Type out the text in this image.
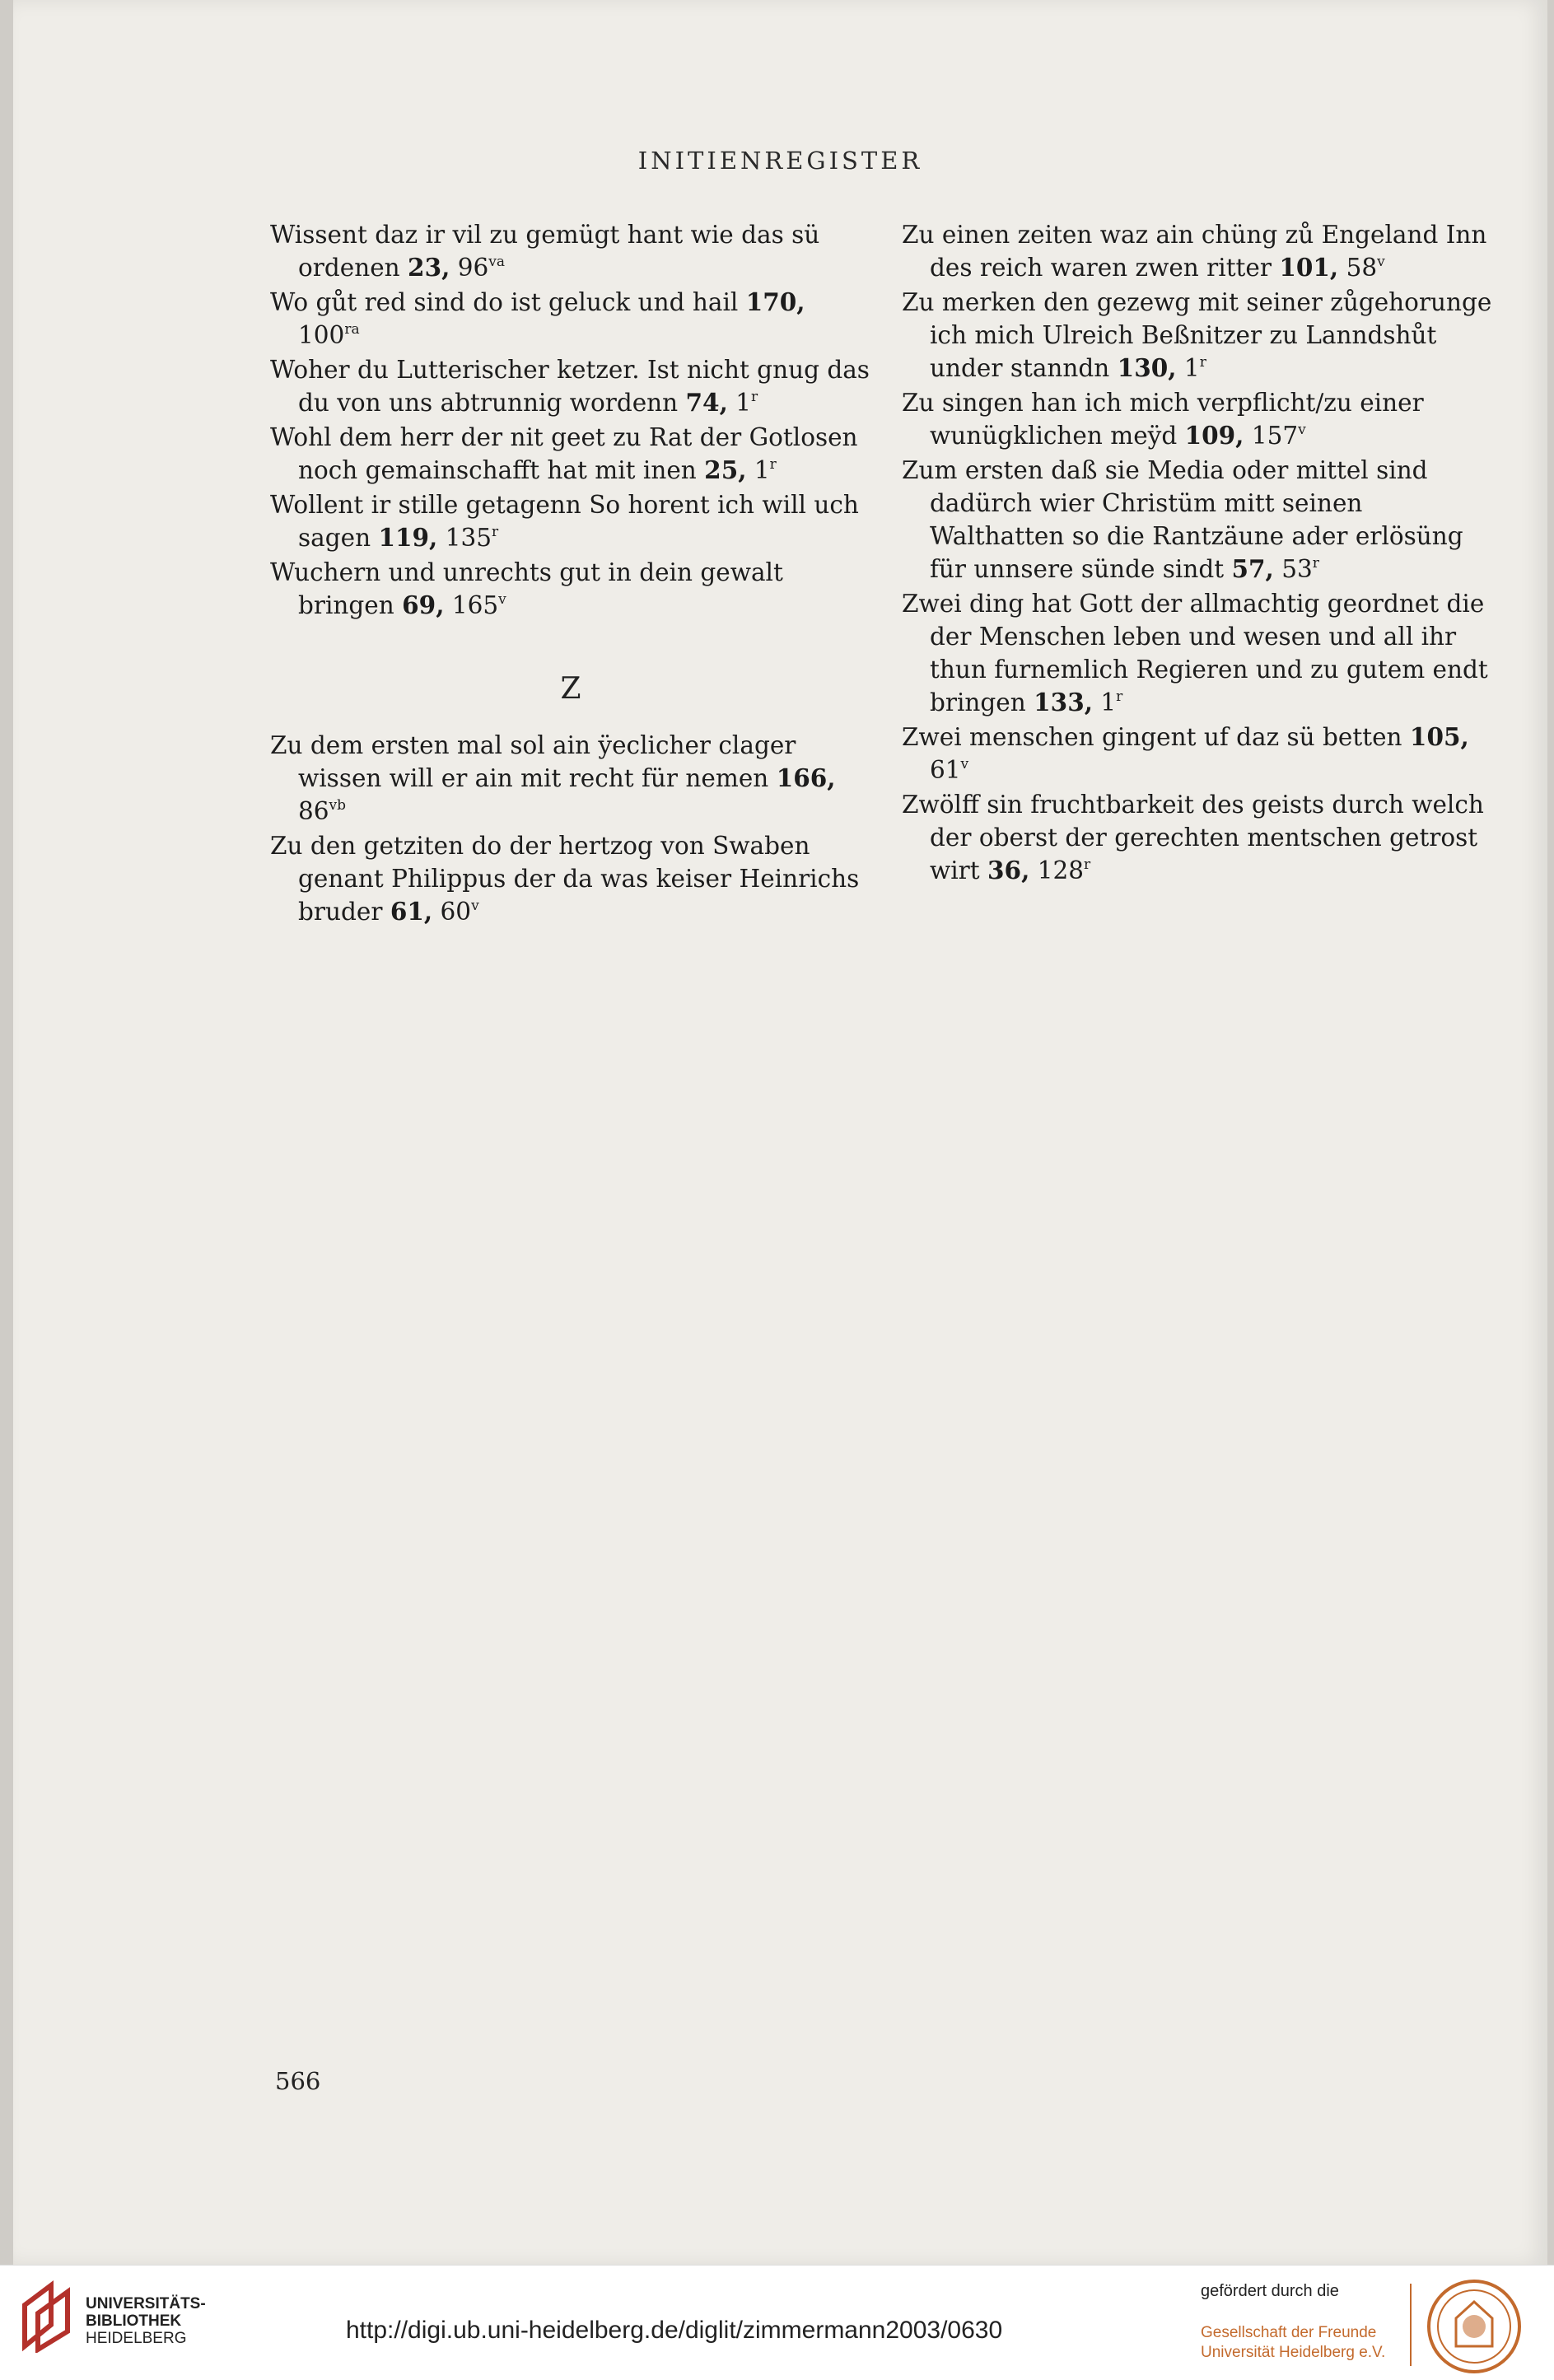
INITIENREGISTER
Wissent daz ir vil zu gemügt hant wie das sü ordenen 23, $96^{va}$
Wo gůt red sind do ist geluck und hail 170, $100^{ra}$
Woher du Lutterischer ketzer. Ist nicht gnug das du von uns abtrunnig wordenn 74, 1$^r$
Wohl dem herr der nit geet zu Rat der Gotlosen noch gemainschafft hat mit inen 25, 1$^r$
Wollent ir stille getagenn So horent ich will uch sagen 119, 135$^r$
Wuchern und unrechts gut in dein gewalt bringen 69, 165$^v$
Z
Zu dem ersten mal sol ain ÿeclicher clager wissen will er ain mit recht für nemen 166, $86^{vb}$
Zu den getziten do der hertzog von Swaben genant Philippus der da was keiser Heinrichs bruder 61, 60$^v$
Zu einen zeiten waz ain chüng zů Engeland Inn des reich waren zwen ritter 101, 58$^v$
Zu merken den gezewg mit seiner zůgehorunge ich mich Ulreich Beßnitzer zu Lanndshůt under stanndn 130, 1$^r$
Zu singen han ich mich verpflicht/zu einer wunügklichen meÿd 109, 157$^v$
Zum ersten daß sie Media oder mittel sind dadürch wier Christüm mitt seinen Walthatten so die Rantzäune ader erlösüng für unnsere sünde sindt 57, 53$^r$
Zwei ding hat Gott der allmachtig geordnet die der Menschen leben und wesen und all ihr thun furnemlich Regieren und zu gutem endt bringen 133, 1$^r$
Zwei menschen gingent uf daz sü betten 105, 61$^v$
Zwölff sin fruchtbarkeit des geists durch welch der oberst der gerechten mentschen getrost wirt 36, 128$^r$
566
UNIVERSITÄTS-
BIBLIOTHEK
HEIDELBERG	http://digi.ub.uni-heidelberg.de/diglit/zimmermann2003/0630
gefördert durch die
Gesellschaft der Freunde
Universität Heidelberg e.V.
